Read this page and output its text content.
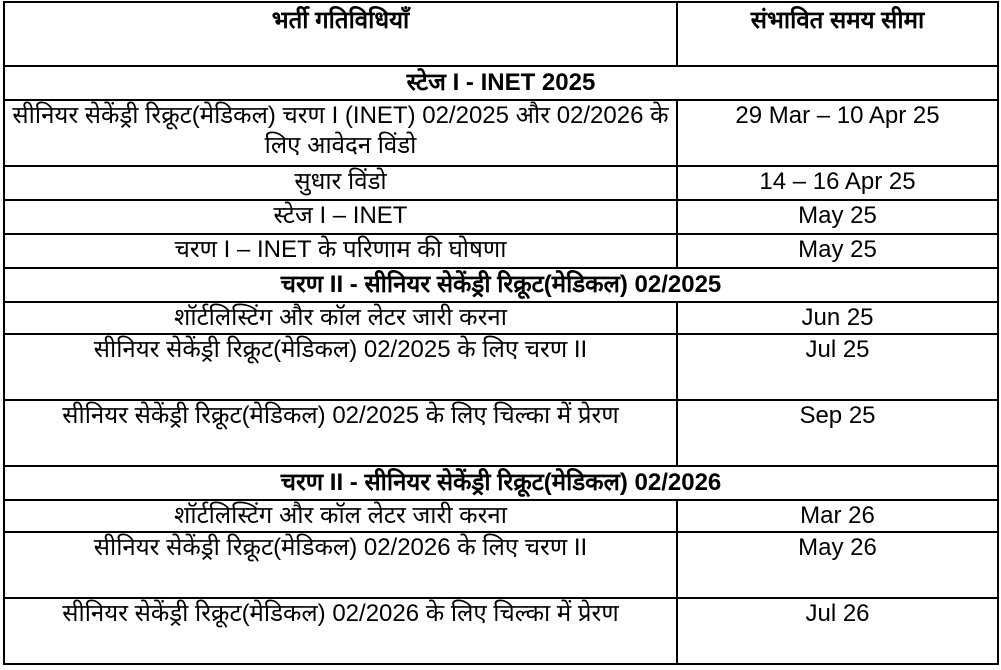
भर्ती गतिविधियाँ	संभावित समय सीमा
स्टेज I - INET 2025	
सीनियर सेकेंड्री रिक्रूट(मेडिकल) चरण I (INET) 02/2025 और 02/2026 के लिए आवेदन विंडो	29 Mar – 10 Apr 25
सुधार विंडो	14 – 16 Apr 25
स्टेज I – INET	May 25
चरण I – INET के परिणाम की घोषणा	May 25
चरण II - सीनियर सेकेंड्री रिक्रूट(मेडिकल) 02/2025	
शॉर्टलिस्टिंग और कॉल लेटर जारी करना	Jun 25
सीनियर सेकेंड्री रिक्रूट(मेडिकल) 02/2025 के लिए चरण II	Jul 25
सीनियर सेकेंड्री रिक्रूट(मेडिकल) 02/2025 के लिए चिल्का में प्रेरण	Sep 25
चरण II - सीनियर सेकेंड्री रिक्रूट(मेडिकल) 02/2026	
शॉर्टलिस्टिंग और कॉल लेटर जारी करना	Mar 26
सीनियर सेकेंड्री रिक्रूट(मेडिकल) 02/2026 के लिए चरण II	May 26
सीनियर सेकेंड्री रिक्रूट(मेडिकल) 02/2026 के लिए चिल्का में प्रेरण	Jul 26
